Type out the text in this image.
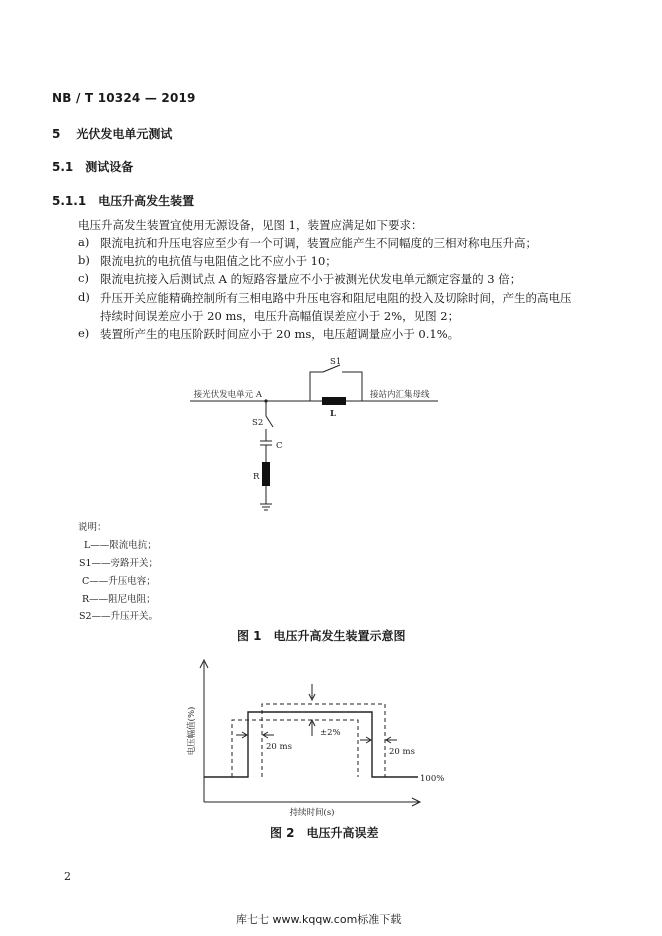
NB / T 10324 — 2019
5 光伏发电单元测试
5.1 测试设备
5.1.1 电压升高发生装置
电压升高发生装置宜使用无源设备，见图 1，装置应满足如下要求：
a) 限流电抗和升压电容应至少有一个可调，装置应能产生不同幅度的三相对称电压升高；
b) 限流电抗的电抗值与电阻值之比不应小于 10；
c) 限流电抗接入后测试点 A 的短路容量应不小于被测光伏发电单元额定容量的 3 倍；
d) 升压开关应能精确控制所有三相电路中升压电容和阻尼电阻的投入及切除时间，产生的高电压
持续时间误差应小于 20 ms，电压升高幅值误差应小于 2%，见图 2；
e) 装置所产生的电压阶跃时间应小于 20 ms，电压超调量应小于 0.1%。
接光伏发电单元 A	接站内汇集母线
S1
L
S2
C
R
说明：
L——限流电抗；
S1——旁路开关；
C——升压电容；
R——阻尼电阻；
S2——升压开关。
图 1　电压升高发生装置示意图
±2%
20 ms	20 ms
100%
电压幅值(%)
持续时间(s)
图 2　电压升高误差
2
库七七 www.kqqw.com标准下载
